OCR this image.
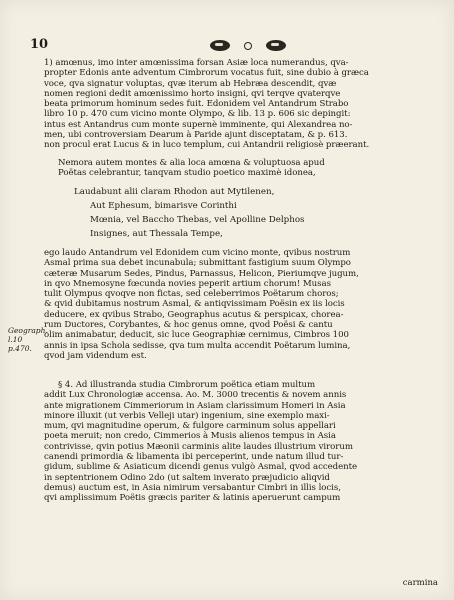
10
1) amœnus, imo inter amœnissima forsan Asiæ loca numerandus, qva-
propter Edonis ante adventum Cimbrorum vocatus fuit, sine dubio à græca
voce, qva signatur voluptas, qvæ iterum ab Hebræa descendit, qvæ
nomen regioni dedit amœnissimo horto insigni, qvi terqve qvaterqve
beata primorum hominum sedes fuit. Edonidem vel Antandrum Strabo
libro 10 p. 470 cum vicino monte Olympo, & lib. 13 p. 606 sic depingit:
intus est Antandrus cum monte supernè imminente, qui Alexandrea no-
men, ubi controversiam Dearum à Paride ajunt disceptatam, & p. 613.
non procul erat Lucus & in luco templum, cui Antandrii religiosè præerant.
Nemora autem montes & alia loca amœna & voluptuosa apud
Poëtas celebrantur, tanqvam studio poetico maximè idonea,
Laudabunt alii claram Rhodon aut Mytilenen,
Aut Ephesum, bimarisve Corinthi
Mœnia, vel Baccho Thebas, vel Apolline Delphos
Insignes, aut Thessala Tempe,
Geograph.
l.10 p.470.
ego laudo Antandrum vel Edonidem cum vicino monte, qvibus nostrum
Asmal prima sua debet incunabula; submittant fastigium suum Olympo
cæteræ Musarum Sedes, Pindus, Parnassus, Helicon, Pieriumqve jugum,
in qvo Mnemosyne fœcunda novies peperit artium chorum! Musas
tulit Olympus qvoqve non fictas, sed celeberrimos Poëtarum choros;
& qvid dubitamus nostrum Asmal, & antiqvissimam Poësin ex iis locis
deducere, ex qvibus Strabo, Geographus acutus & perspicax, chorea-
rum Ductores, Corybantes, & hoc genus omne, qvod Poësi & cantu
olim animabatur, deducit, sic luce Geographiæ cernimus, Cimbros 100
annis in ipsa Schola sedisse, qva tum multa accendit Poëtarum lumina,
qvod jam videndum est.
§ 4. Ad illustranda studia Cimbrorum poëtica etiam multum
addit Lux Chronologiæ accensa. Ao. M. 3000 trecentis & novem annis
ante migrationem Cimmeriorum in Asiam clarissimum Homeri in Asia
minore illuxit (ut verbis Velleji utar) ingenium, sine exemplo maxi-
mum, qvi magnitudine operum, & fulgore carminum solus appellari
poeta meruit; non credo, Cimmerios à Musis alienos tempus in Asia
contrivisse, qvin potius Mæonii carminis alite laudes illustrium virorum
canendi primordia & libamenta ibi perceperint, unde natum illud tur-
gidum, sublime & Asiaticum dicendi genus vulgò Asmal, qvod accedente
in septentrionem Odino 2do (ut saltem inverato præjudicio aliqvid
demus) auctum est, in Asia nimirum versabantur Cimbri in illis locis,
qvi amplissimum Poëtis græcis pariter & latinis aperuerunt campum
carmina
